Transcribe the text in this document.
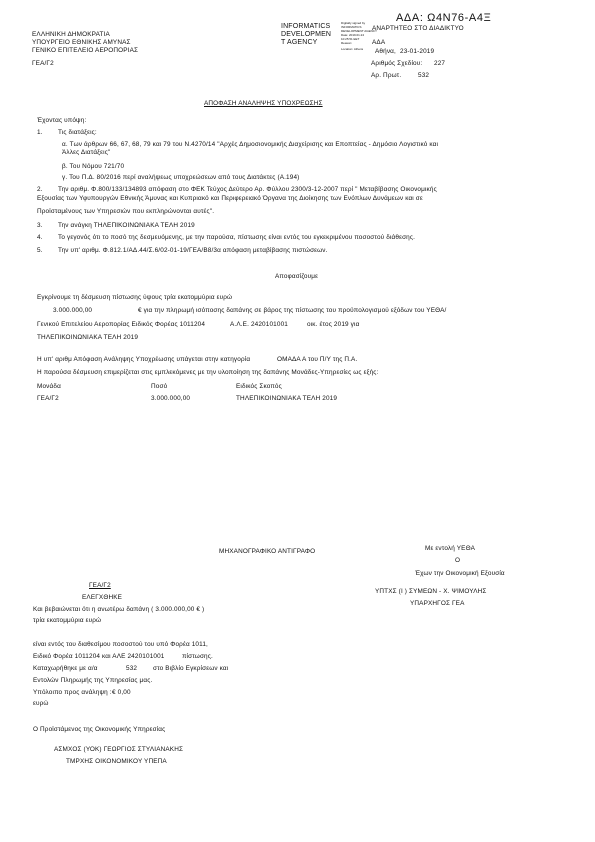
ΑΔΑ: Ω4Ν76-Α4Ξ
ΕΛΛΗΝΙΚΗ ΔΗΜΟΚΡΑΤΙΑ
ΥΠΟΥΡΓΕΙΟ ΕΘΝΙΚΗΣ ΑΜΥΝΑΣ
ΓΕΝΙΚΟ ΕΠΙΤΕΛΕΙΟ ΑΕΡΟΠΟΡΙΑΣ
ΓΕΑ/Γ2
INFORMATICS
DEVELOPMEN
T AGENCY
Digitally signed by
INFORMATICS
DEVELOPMENT AGENCY
Date: 2019.01.24
10:25:51 EET
Reason:
Location: Athens
ΑΝΑΡΤΗΤΕΟ ΣΤΟ ΔΙΑΔΙΚΤΥΟ
ΑΔΑ
Αθήνα, 23-01-2019
Αριθμός Σχεδίου: 227
Αρ. Πρωτ.	532
ΑΠΟΦΑΣΗ ΑΝΑΛΗΨΗΣ ΥΠΟΧΡΕΩΣΗΣ
Έχοντας υπόψη:
1. Τις διατάξεις:
α. Των άρθρων 66, 67, 68, 79 και 79 του Ν.4270/14 "Αρχές Δημοσιονομικής Διαχείρισης και Εποπτείας - Δημόσιο Λογιστικό και
Άλλες Διατάξεις"
β. Του Νόμου 721/70
γ. Του Π.Δ. 80/2016 περί αναλήψεως υποχρεώσεων από τους Διατάκτες (Α.194)
2. Την αριθμ. Φ.800/133/134893 απόφαση στο ΦΕΚ Τεύχος Δεύτερο Αρ. Φύλλου 2300/3-12-2007 περί " Μεταβίβασης Οικονομικής
Εξουσίας των Υφυπουργών Εθνικής Άμυνας και Κυπριακό και Περιφερειακό Όργανα της Διοίκησης των Ενόπλων Δυνάμεων και σε
Προϊσταμένους των Υπηρεσιών που εκπληρώνονται αυτές".
3. Την ανάγκη ΤΗΛΕΠΙΚΟΙΝΩΝΙΑΚΑ ΤΕΛΗ 2019
4. Το γεγονός ότι το ποσό της δεσμευόμενης, με την παρούσα, πίστωσης είναι εντός του εγκεκριμένου ποσοστού διάθεσης.
5. Την υπ' αριθμ. Φ.812.1/ΑΔ.44/Σ.6/02-01-19/ΓΕΑ/Β8/3α απόφαση μεταβίβασης πιστώσεων.
Αποφασίζουμε
Εγκρίνουμε τη δέσμευση πίστωσης ύψους τρία εκατομμύρια ευρώ
3.000.000,00	€ για την πληρωμή ισόποσης δαπάνης σε βάρος της πίστωσης του προϋπολογισμού εξόδων του ΥΕΘΑ/
Γενικού Επιτελείου Αεροπορίας Ειδικός Φορέας 1011204	Α.Λ.Ε. 2420101001	οικ. έτος 2019 για
ΤΗΛΕΠΙΚΟΙΝΩΝΙΑΚΑ ΤΕΛΗ 2019
Η υπ' αριθμ Απόφαση Ανάληψης Υποχρέωσης υπάγεται στην κατηγορία	ΟΜΑΔΑ Α του Π/Υ της Π.Α.
Η παρούσα δέσμευση επιμερίζεται στις εμπλεκόμενες με την υλοποίηση της δαπάνης Μονάδες-Υπηρεσίες ως εξής:
Μονάδα	Ποσό	Ειδικός Σκοπός
ΓΕΑ/Γ2	3.000.000,00	ΤΗΛΕΠΙΚΟΙΝΩΝΙΑΚΑ ΤΕΛΗ 2019
ΜΗΧΑΝΟΓΡΑΦΙΚΟ ΑΝΤΙΓΡΑΦΟ	Με εντολή ΥΕΘΑ
Ο
Έχων την Οικονομική Εξουσία
ΥΠΤΧΣ (Ι ) ΣΥΜΕΩΝ - Χ. ΨΙΜΟΥΛΗΣ
ΥΠΑΡΧΗΓΟΣ ΓΕΑ
ΓΕΑ/Γ2
ΕΛΕΓΧΘΗΚΕ
Και βεβαιώνεται ότι η ανωτέρω δαπάνη ( 3.000.000,00 € )
τρία εκατομμύρια ευρώ
είναι εντός του διαθεσίμου ποσοστού του υπό Φορέα 1011,
Ειδικό Φορέα 1011204 και ΑΛΕ 2420101001	πίστωσης.
Καταχωρήθηκε με α/α	532 στο Βιβλίο Εγκρίσεων και
Εντολών Πληρωμής της Υπηρεσίας μας.
Υπόλοιπο προς ανάληψη : € 0,00
ευρώ
Ο Προϊστάμενος της Οικονομικής Υπηρεσίας
ΑΣΜΧΟΣ (ΥΟΚ) ΓΕΩΡΓΙΟΣ ΣΤΥΛΙΑΝΑΚΗΣ
ΤΜΡΧΗΣ ΟΙΚΟΝΟΜΙΚΟΥ ΥΠΕΠΑ
